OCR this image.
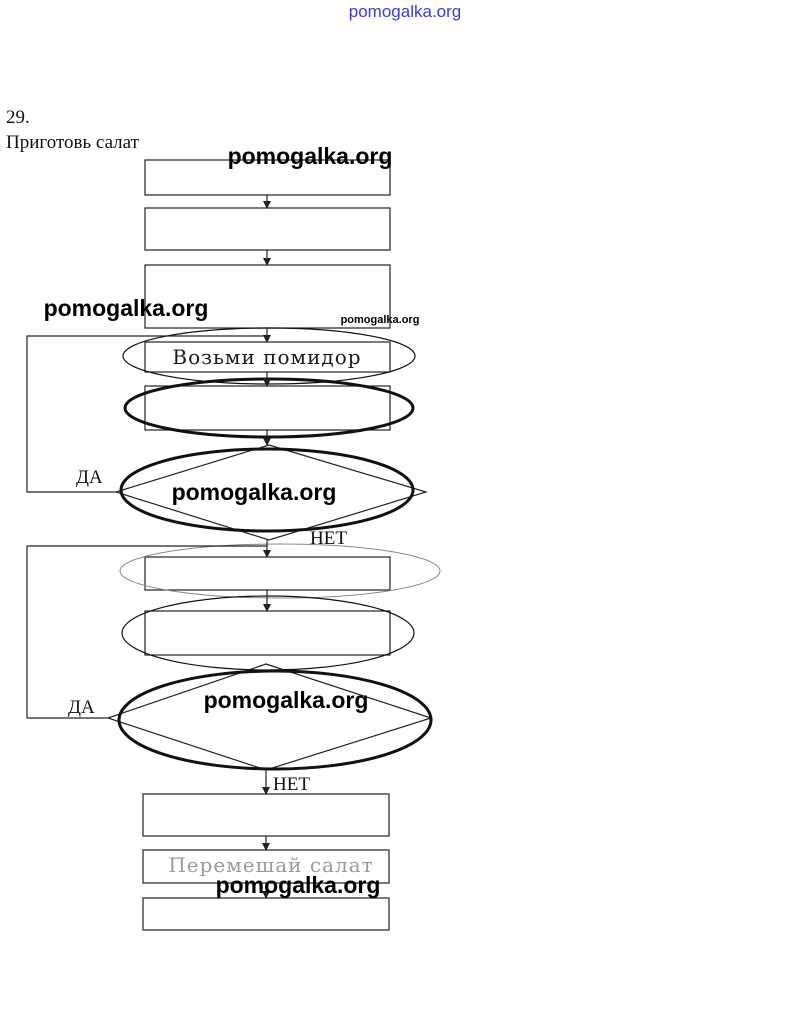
pomogalka.org
29.
Приготовь салат
Возьми помидор
Перемешай салат
ДА
НЕТ
ДА
НЕТ
pomogalka.org
pomogalka.org	pomogalka.org
pomogalka.org
pomogalka.org
pomogalka.org
